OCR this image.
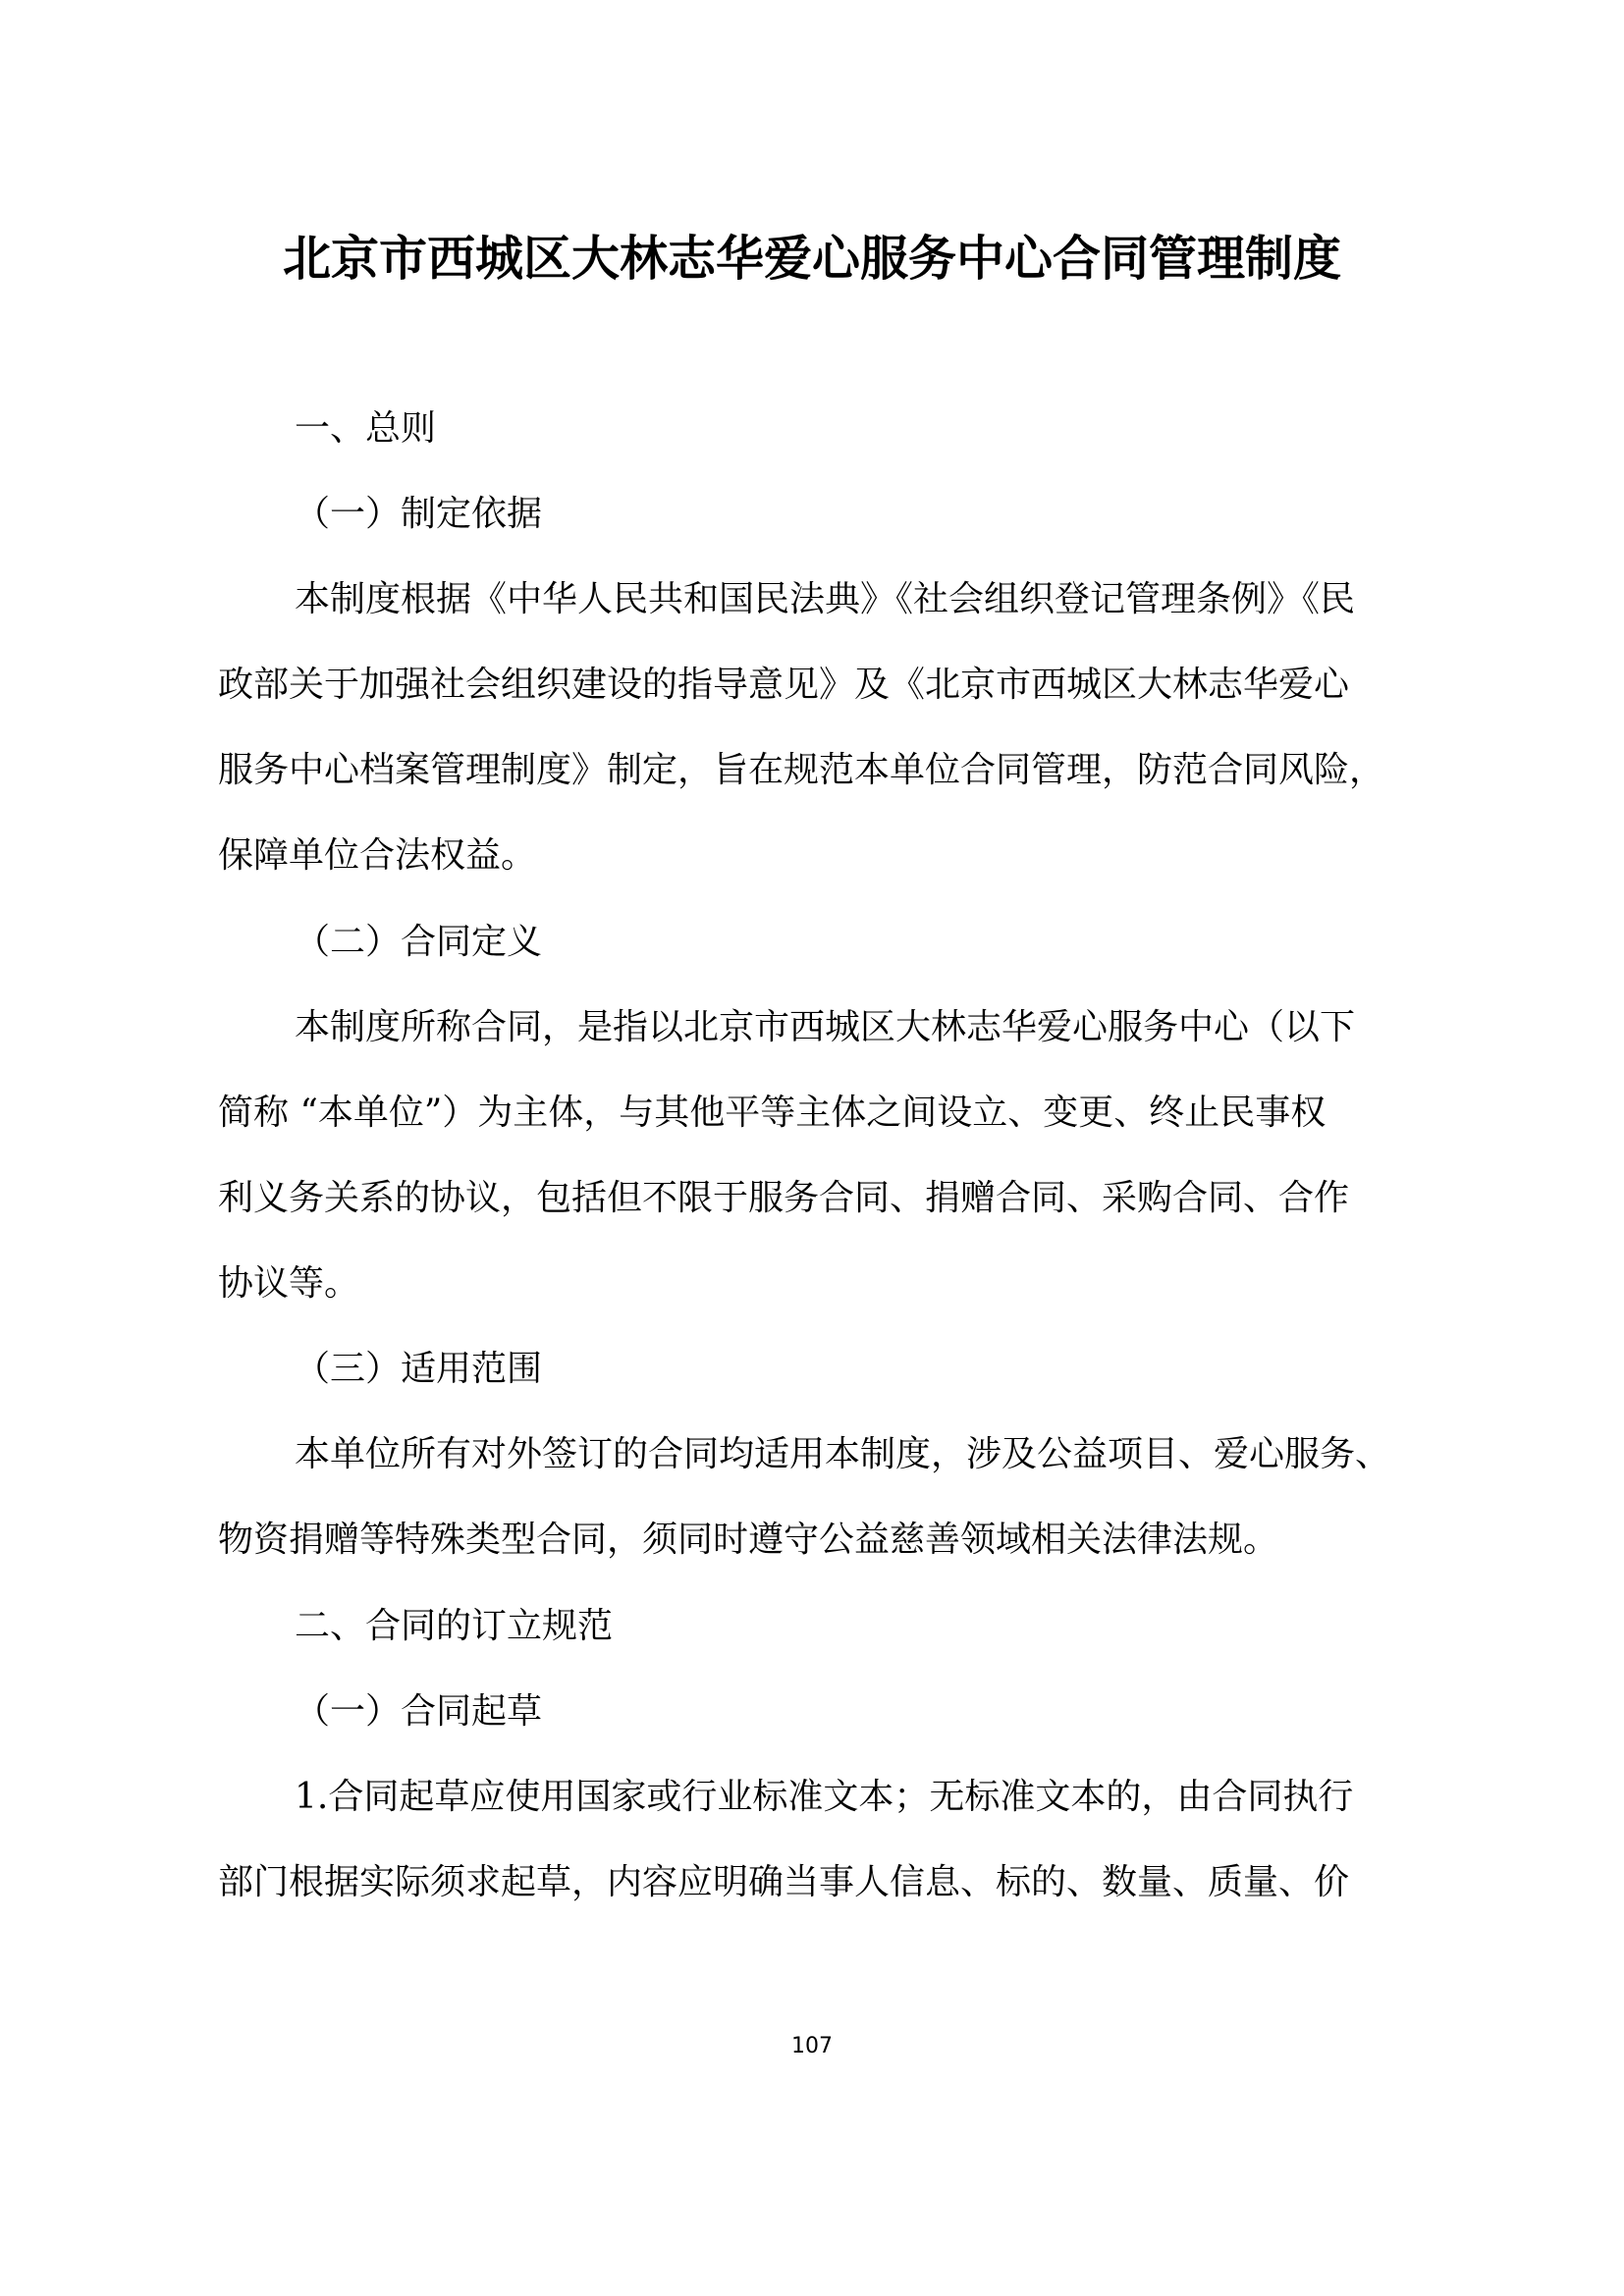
北京市西城区大林志华爱心服务中心合同管理制度
一、总则
（一）制定依据
本制度根据《中华人民共和国民法典》《社会组织登记管理条例》《民
政部关于加强社会组织建设的指导意见》及《北京市西城区大林志华爱心
服务中心档案管理制度》制定，旨在规范本单位合同管理，防范合同风险，
保障单位合法权益。
（二）合同定义
本制度所称合同，是指以北京市西城区大林志华爱心服务中心（以下
简称 “本单位”）为主体，与其他平等主体之间设立、变更、终止民事权
利义务关系的协议，包括但不限于服务合同、捐赠合同、采购合同、合作
协议等。
（三）适用范围
本单位所有对外签订的合同均适用本制度，涉及公益项目、爱心服务、
物资捐赠等特殊类型合同，须同时遵守公益慈善领域相关法律法规。
二、合同的订立规范
（一）合同起草
1.合同起草应使用国家或行业标准文本；无标准文本的，由合同执行
部门根据实际须求起草，内容应明确当事人信息、标的、数量、质量、价
107
